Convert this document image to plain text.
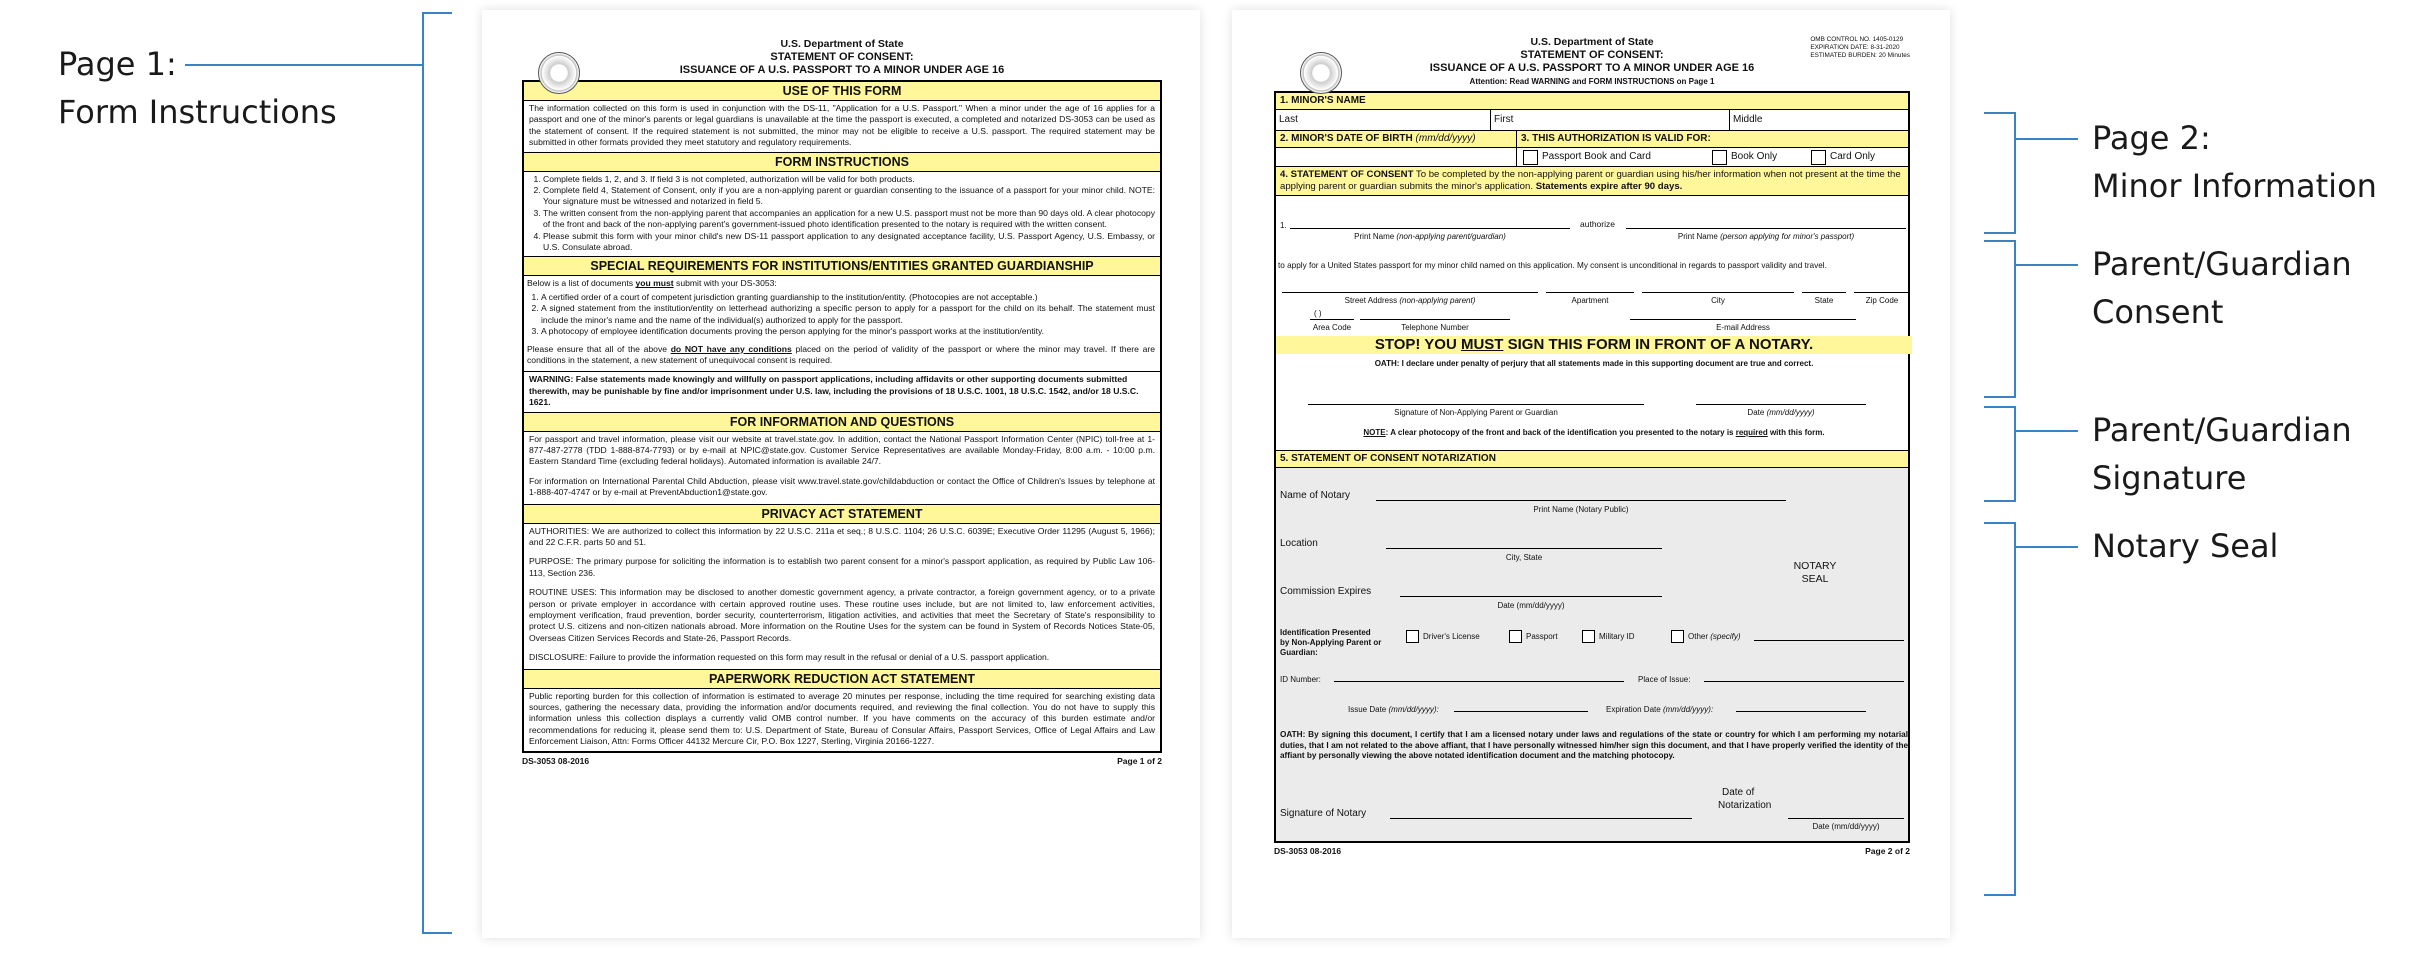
Page 1:
Form Instructions
Page 2:
Minor Information
Parent/Guardian
Consent
Parent/Guardian
Signature
Notary Seal
U.S. Department of State
STATEMENT OF CONSENT:
ISSUANCE OF A U.S. PASSPORT TO A MINOR UNDER AGE 16
USE OF THIS FORM
The information collected on this form is used in conjunction with the DS-11, "Application for a U.S. Passport." When a minor under the age of 16 applies for a passport and one of the minor's parents or legal guardians is unavailable at the time the passport is executed, a completed and notarized DS-3053 can be used as the statement of consent. If the required statement is not submitted, the minor may not be eligible to receive a U.S. passport. The required statement may be submitted in other formats provided they meet statutory and regulatory requirements.
FORM INSTRUCTIONS
1. Complete fields 1, 2, and 3. If field 3 is not completed, authorization will be valid for both products.
2. Complete field 4, Statement of Consent, only if you are a non-applying parent or guardian consenting to the issuance of a passport for your minor child. NOTE: Your signature must be witnessed and notarized in field 5.
3. The written consent from the non-applying parent that accompanies an application for a new U.S. passport must not be more than 90 days old. A clear photocopy of the front and back of the non-applying parent's government-issued photo identification presented to the notary is required with the written consent.
4. Please submit this form with your minor child's new DS-11 passport application to any designated acceptance facility, U.S. Passport Agency, U.S. Embassy, or U.S. Consulate abroad.
SPECIAL REQUIREMENTS FOR INSTITUTIONS/ENTITIES GRANTED GUARDIANSHIP

Below is a list of documents you must submit with your DS-3053:

1. A certified order of a court of competent jurisdiction granting guardianship to the institution/entity. (Photocopies are not acceptable.)
2. A signed statement from the institution/entity on letterhead authorizing a specific person to apply for a passport for the child on its behalf. The statement must include the minor's name and the name of the individual(s) authorized to apply for the passport.
3. A photocopy of employee identification documents proving the person applying for the minor's passport works at the institution/entity.

Please ensure that all of the above do NOT have any conditions placed on the period of validity of the passport or where the minor may travel. If there are conditions in the statement, a new statement of unequivocal consent is required.

WARNING: False statements made knowingly and willfully on passport applications, including affidavits or other supporting documents submitted therewith, may be punishable by fine and/or imprisonment under U.S. law, including the provisions of 18 U.S.C. 1001, 18 U.S.C. 1542, and/or 18 U.S.C. 1621.
FOR INFORMATION AND QUESTIONS

For passport and travel information, please visit our website at travel.state.gov. In addition, contact the National Passport Information Center (NPIC) toll-free at 1-877-487-2778 (TDD 1-888-874-7793) or by e-mail at NPIC@state.gov. Customer Service Representatives are available Monday-Friday, 8:00 a.m. - 10:00 p.m. Eastern Standard Time (excluding federal holidays). Automated information is available 24/7.

For information on International Parental Child Abduction, please visit www.travel.state.gov/childabduction or contact the Office of Children's Issues by telephone at 1-888-407-4747 or by e-mail at PreventAbduction1@state.gov.

PRIVACY ACT STATEMENT

AUTHORITIES: We are authorized to collect this information by 22 U.S.C. 211a et seq.; 8 U.S.C. 1104; 26 U.S.C. 6039E; Executive Order 11295 (August 5, 1966); and 22 C.F.R. parts 50 and 51.

PURPOSE: The primary purpose for soliciting the information is to establish two parent consent for a minor's passport application, as required by Public Law 106-113, Section 236.

ROUTINE USES: This information may be disclosed to another domestic government agency, a private contractor, a foreign government agency, or to a private person or private employer in accordance with certain approved routine uses. These routine uses include, but are not limited to, law enforcement activities, employment verification, fraud prevention, border security, counterterrorism, litigation activities, and activities that meet the Secretary of State's responsibility to protect U.S. citizens and non-citizen nationals abroad. More information on the Routine Uses for the system can be found in System of Records Notices State-05, Overseas Citizen Services Records and State-26, Passport Records.

DISCLOSURE: Failure to provide the information requested on this form may result in the refusal or denial of a U.S. passport application.

PAPERWORK REDUCTION ACT STATEMENT
Public reporting burden for this collection of information is estimated to average 20 minutes per response, including the time required for searching existing data sources, gathering the necessary data, providing the information and/or documents required, and reviewing the final collection. You do not have to supply this information unless this collection displays a currently valid OMB control number. If you have comments on the accuracy of this burden estimate and/or recommendations for reducing it, please send them to: U.S. Department of State, Bureau of Consular Affairs, Passport Services, Office of Legal Affairs and Law Enforcement Liaison, Attn: Forms Officer 44132 Mercure Cir, P.O. Box 1227, Sterling, Virginia 20166-1227.
DS-3053 08-2016	Page 1 of 2
OMB CONTROL NO. 1405-0129
EXPIRATION DATE: 8-31-2020
ESTIMATED BURDEN: 20 Minutes
U.S. Department of State
STATEMENT OF CONSENT:
ISSUANCE OF A U.S. PASSPORT TO A MINOR UNDER AGE 16
Attention: Read WARNING and FORM INSTRUCTIONS on Page 1
1. MINOR'S NAME
Last	First	Middle
2. MINOR'S DATE OF BIRTH (mm/dd/yyyy)	3. THIS AUTHORIZATION IS VALID FOR:
Passport Book and Card	Book Only	Card Only
4. STATEMENT OF CONSENT To be completed by the non-applying parent or guardian using his/her information when not present at the time the applying parent or guardian submits the minor's application. Statements expire after 90 days.
1.
Print Name (non-applying parent/guardian)
authorize
Print Name (person applying for minor's passport)
to apply for a United States passport for my minor child named on this application. My consent is unconditional in regards to passport validity and travel.
Street Address (non-applying parent)	Apartment	City	State	Zip Code
( )
Area Code	Telephone Number	E-mail Address
STOP! YOU MUST SIGN THIS FORM IN FRONT OF A NOTARY.
OATH: I declare under penalty of perjury that all statements made in this supporting document are true and correct.
Signature of Non-Applying Parent or Guardian	Date (mm/dd/yyyy)
NOTE: A clear photocopy of the front and back of the identification you presented to the notary is required with this form.
5. STATEMENT OF CONSENT NOTARIZATION
Name of Notary
Print Name (Notary Public)
Location
City, State
NOTARY
SEAL
Commission Expires
Date (mm/dd/yyyy)
Identification Presented
by Non-Applying Parent or
Guardian:
Driver's License	Passport	Military ID	Other (specify)
ID Number:	Place of Issue:
Issue Date (mm/dd/yyyy):	Expiration Date (mm/dd/yyyy):
OATH: By signing this document, I certify that I am a licensed notary under laws and regulations of the state or country for which I am performing my notarial duties, that I am not related to the above affiant, that I have personally witnessed him/her sign this document, and that I have properly verified the identity of the affiant by personally viewing the above notated identification document and the matching photocopy.
Signature of Notary
Date of
Notarization
Date (mm/dd/yyyy)
DS-3053 08-2016	Page 2 of 2
